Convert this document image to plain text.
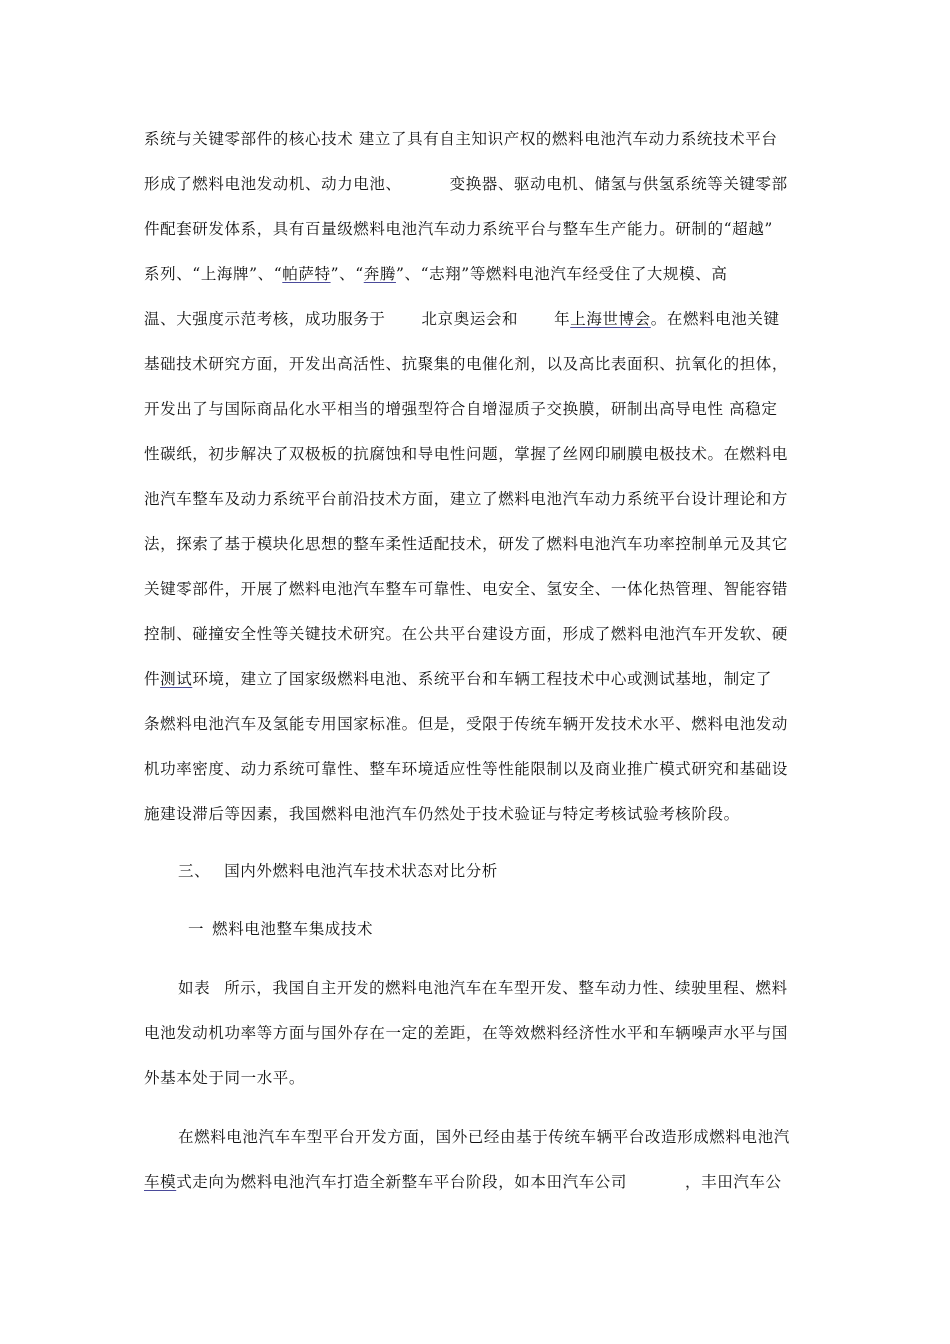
系统与关键零部件的核心技术 建立了具有自主知识产权的燃料电池汽车动力系统技术平台
形成了燃料电池发动机、动力电池、	变换器、驱动电机、储氢与供氢系统等关键零部
件配套研发体系，具有百量级燃料电池汽车动力系统平台与整车生产能力。研制的“超越”
系列、“上海牌”、“帕萨特”、“奔腾”、“志翔”等燃料电池汽车经受住了大规模、高
温、大强度示范考核，成功服务于 北京奥运会和 年上海世博会。在燃料电池关键
基础技术研究方面，开发出高活性、抗聚集的电催化剂，以及高比表面积、抗氧化的担体，
开发出了与国际商品化水平相当的增强型符合自增湿质子交换膜，研制出高导电性 高稳定
性碳纸，初步解决了双极板的抗腐蚀和导电性问题，掌握了丝网印刷膜电极技术。在燃料电
池汽车整车及动力系统平台前沿技术方面，建立了燃料电池汽车动力系统平台设计理论和方
法，探索了基于模块化思想的整车柔性适配技术，研发了燃料电池汽车功率控制单元及其它
关键零部件，开展了燃料电池汽车整车可靠性、电安全、氢安全、一体化热管理、智能容错
控制、碰撞安全性等关键技术研究。在公共平台建设方面，形成了燃料电池汽车开发软、硬
件测试环境，建立了国家级燃料电池、系统平台和车辆工程技术中心或测试基地，制定了
条燃料电池汽车及氢能专用国家标准。但是，受限于传统车辆开发技术水平、燃料电池发动
机功率密度、动力系统可靠性、整车环境适应性等性能限制以及商业推广模式研究和基础设
施建设滞后等因素，我国燃料电池汽车仍然处于技术验证与特定考核试验考核阶段。
三、 国内外燃料电池汽车技术状态对比分析
一 燃料电池整车集成技术
如表 所示，我国自主开发的燃料电池汽车在车型开发、整车动力性、续驶里程、燃料
电池发动机功率等方面与国外存在一定的差距，在等效燃料经济性水平和车辆噪声水平与国
外基本处于同一水平。
在燃料电池汽车车型平台开发方面，国外已经由基于传统车辆平台改造形成燃料电池汽
车模式走向为燃料电池汽车打造全新整车平台阶段，如本田汽车公司	，丰田汽车公
